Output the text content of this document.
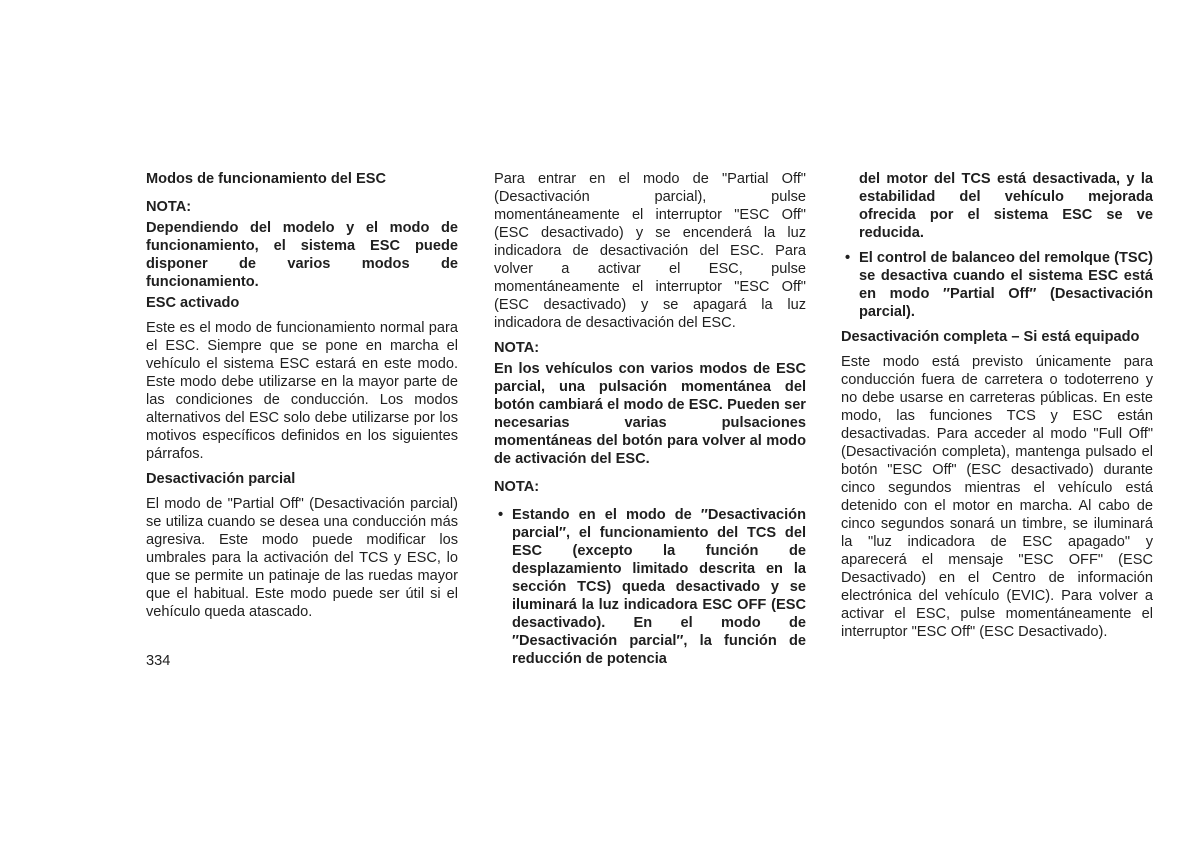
Modos de funcionamiento del ESC

NOTA:

Dependiendo del modelo y el modo de funcionamiento, el sistema ESC puede disponer de varios modos de funcionamiento.

ESC activado

Este es el modo de funcionamiento normal para el ESC. Siempre que se pone en marcha el vehículo el sistema ESC estará en este modo. Este modo debe utilizarse en la mayor parte de las condiciones de conducción. Los modos alternativos del ESC solo debe utilizarse por los motivos específicos definidos en los siguientes párrafos.

Desactivación parcial

El modo de "Partial Off" (Desactivación parcial) se utiliza cuando se desea una conducción más agresiva. Este modo puede modificar los umbrales para la activación del TCS y ESC, lo que se permite un patinaje de las ruedas mayor que el habitual. Este modo puede ser útil si el vehículo queda atascado.

Para entrar en el modo de "Partial Off" (Desactivación parcial), pulse momentáneamente el interruptor "ESC Off" (ESC desactivado) y se encenderá la luz indicadora de desactivación del ESC. Para volver a activar el ESC, pulse momentáneamente el interruptor "ESC Off" (ESC desactivado) y se apagará la luz indicadora de desactivación del ESC.

NOTA:

En los vehículos con varios modos de ESC parcial, una pulsación momentánea del botón cambiará el modo de ESC. Pueden ser necesarias varias pulsaciones momentáneas del botón para volver al modo de activación del ESC.

NOTA:

• Estando en el modo de ″Desactivación parcial″, el funcionamiento del TCS del ESC (excepto la función de desplazamiento limitado descrita en la sección TCS) queda desactivado y se iluminará la luz indicadora ESC OFF (ESC desactivado). En el modo de ″Desactivación parcial″, la función de reducción de potencia

del motor del TCS está desactivada, y la estabilidad del vehículo mejorada ofrecida por el sistema ESC se ve reducida.

• El control de balanceo del remolque (TSC) se desactiva cuando el sistema ESC está en modo ″Partial Off″ (Desactivación parcial).

Desactivación completa – Si está equipado

Este modo está previsto únicamente para conducción fuera de carretera o todoterreno y no debe usarse en carreteras públicas. En este modo, las funciones TCS y ESC están desactivadas. Para acceder al modo "Full Off" (Desactivación completa), mantenga pulsado el botón "ESC Off" (ESC desactivado) durante cinco segundos mientras el vehículo está detenido con el motor en marcha. Al cabo de cinco segundos sonará un timbre, se iluminará la "luz indicadora de ESC apagado" y aparecerá el mensaje "ESC OFF" (ESC Desactivado) en el Centro de información electrónica del vehículo (EVIC). Para volver a activar el ESC, pulse momentáneamente el interruptor "ESC Off" (ESC Desactivado).

334
